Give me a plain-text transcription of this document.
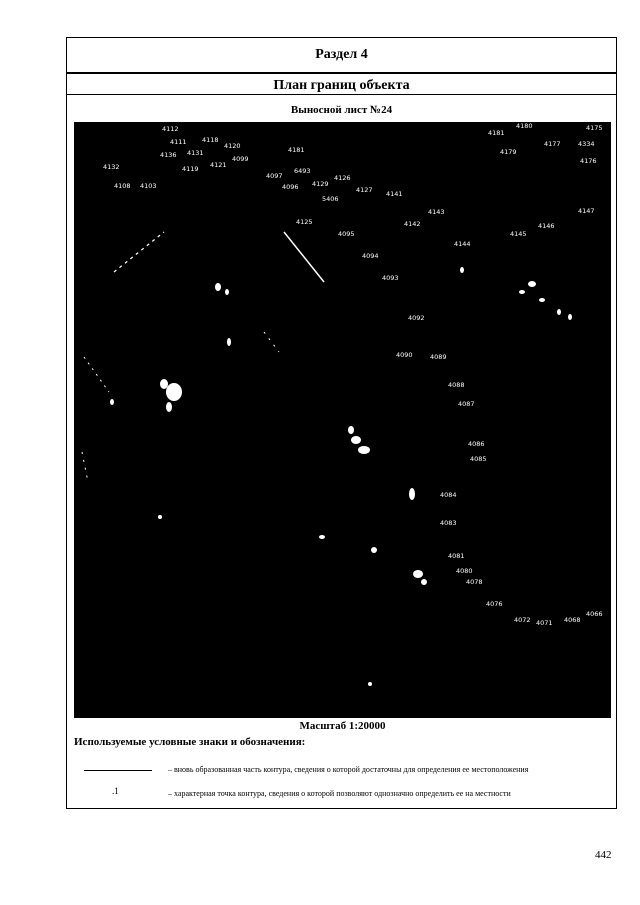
Раздел 4
План границ объекта
Выносной лист №24
4112
4111 4118
4120
4136 4131
4099
4132	4119 4121
4108 4103
4181
4097
6493
4096 4129
4126
5406
4127 4141
4143
4142
4125
4095
4144
4094
4093
4181
4180
4177
4179
4334
4176
4175
4147
4146
4145
4092
4090	4089
4088
4087
4086
4085
4084
4083
4081
4080
4078
4076
4072 4071 4068
4066
Масштаб 1:20000
Используемые условные знаки и обозначения:
– вновь образованная часть контура, сведения о которой достаточны для определения ее местоположения
.1	– характерная точка контура, сведения о которой позволяют однозначно определить ее на местности
442
